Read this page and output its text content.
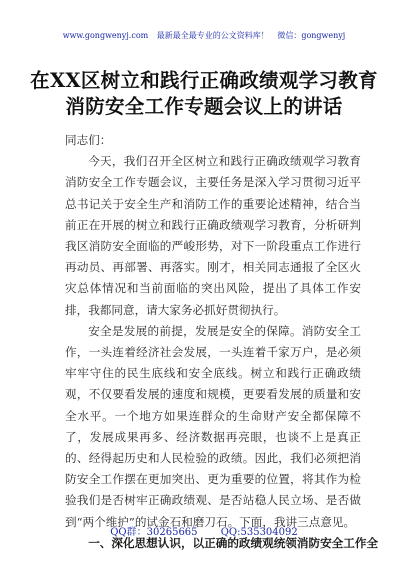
www.gongwenyj.com 最新最全最专业的公文资料库！ 微信：gongwenyj
在XX区树立和践行正确政绩观学习教育
消防安全工作专题会议上的讲话

同志们：

今天，我们召开全区树立和践行正确政绩观学习教育消防安全工作专题会议，主要任务是深入学习贯彻习近平总书记关于安全生产和消防工作的重要论述精神，结合当前正在开展的树立和践行正确政绩观学习教育，分析研判我区消防安全面临的严峻形势，对下一阶段重点工作进行再动员、再部署、再落实。刚才，相关同志通报了全区火灾总体情况和当前面临的突出风险，提出了具体工作安排，我都同意，请大家务必抓好贯彻执行。

安全是发展的前提，发展是安全的保障。消防安全工作，一头连着经济社会发展，一头连着千家万户，是必须牢牢守住的民生底线和安全底线。树立和践行正确政绩观，不仅要看发展的速度和规模，更要看发展的质量和安全水平。一个地方如果连群众的生命财产安全都保障不了，发展成果再多、经济数据再亮眼，也谈不上是真正的、经得起历史和人民检验的政绩。因此，我们必须把消防安全工作摆在更加突出、更为重要的位置，将其作为检验我们是否树牢正确政绩观、是否站稳人民立场、是否做到“两个维护”的试金石和磨刀石。下面，我讲三点意见。

一、深化思想认识，以正确的政绩观统领消防安全工作全

QQ群：30265665 QQ:535304092
